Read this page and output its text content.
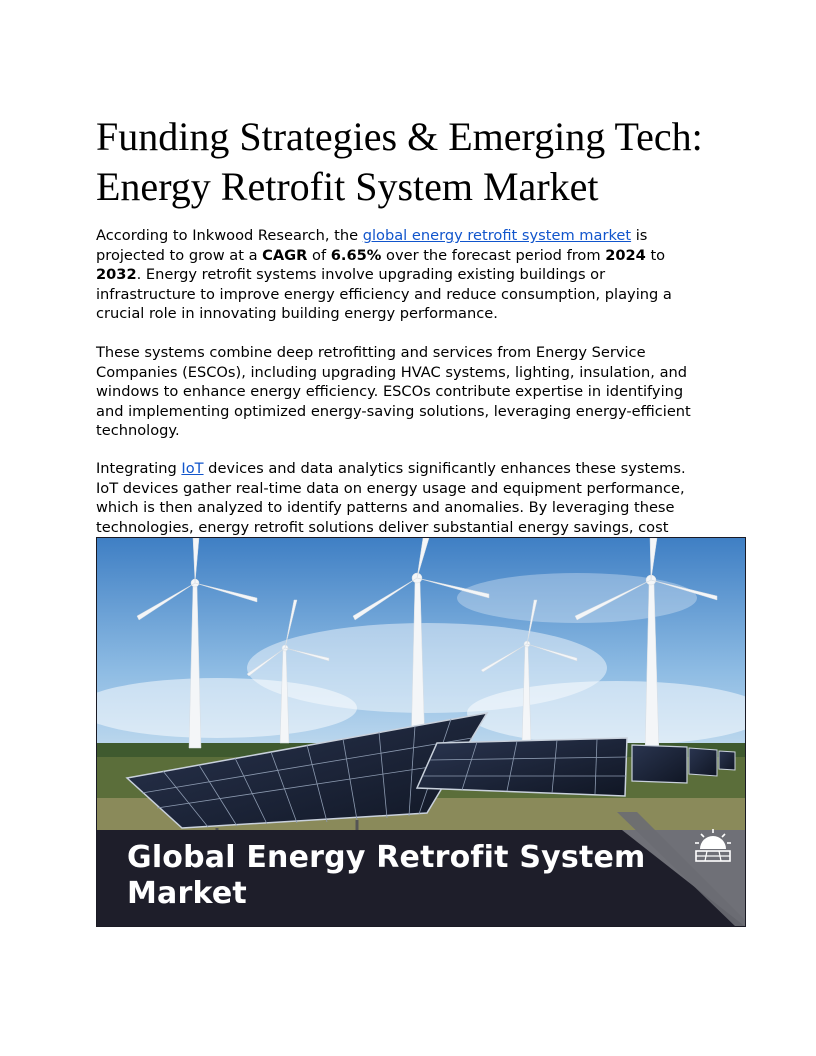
Funding Strategies & Emerging Tech: Energy Retrofit System Market

According to Inkwood Research, the global energy retrofit system market is projected to grow at a CAGR of 6.65% over the forecast period from 2024 to 2032. Energy retrofit systems involve upgrading existing buildings or infrastructure to improve energy efficiency and reduce consumption, playing a crucial role in innovating building energy performance.

These systems combine deep retrofitting and services from Energy Service Companies (ESCOs), including upgrading HVAC systems, lighting, insulation, and windows to enhance energy efficiency. ESCOs contribute expertise in identifying and implementing optimized energy-saving solutions, leveraging energy-efficient technology.

Integrating IoT devices and data analytics significantly enhances these systems. IoT devices gather real-time data on energy usage and equipment performance, which is then analyzed to identify patterns and anomalies. By leveraging these technologies, energy retrofit solutions deliver substantial energy savings, cost

Global Energy Retrofit System Market
